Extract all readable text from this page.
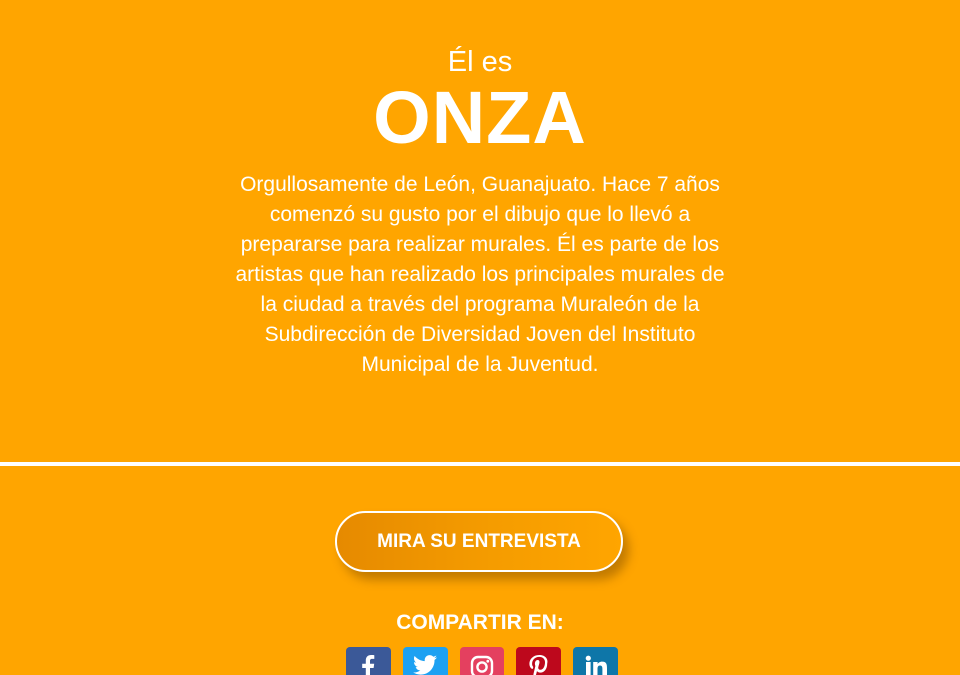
Él es
ONZA

Orgullosamente de León, Guanajuato. Hace 7 años comenzó su gusto por el dibujo que lo llevó a prepararse para realizar murales. Él es parte de los artistas que han realizado los principales murales de la ciudad a través del programa Muraleón de la Subdirección de Diversidad Joven del Instituto Municipal de la Juventud.

MIRA SU ENTREVISTA

COMPARTIR EN:
